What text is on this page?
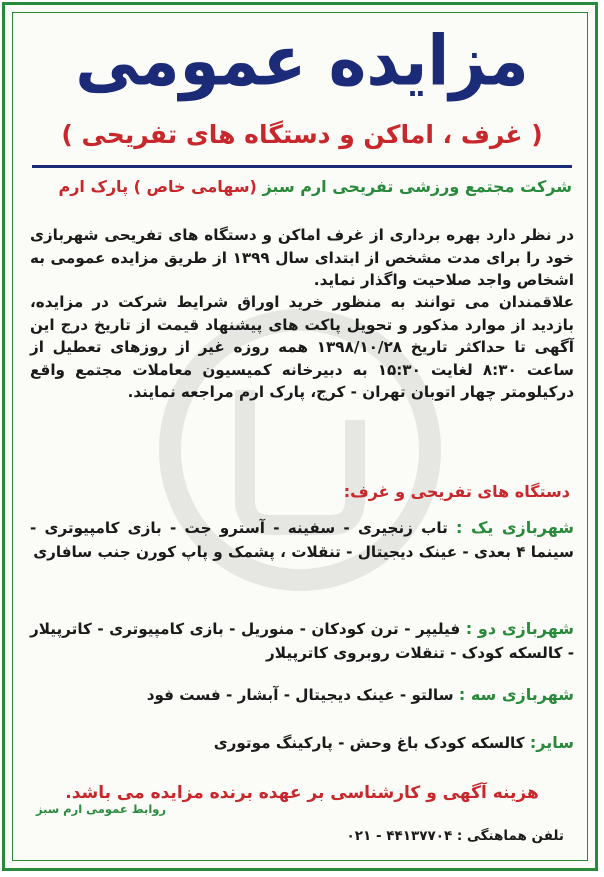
مزایده عمومی
( غرف ، اماکن و دستگاه های تفریحی )
شرکت مجتمع ورزشی تفریحی ارم سبز (سهامی خاص ) پارک ارم
در نظر دارد بهره برداری از غرف اماکن و دستگاه های تفریحی شهربازی خود را برای مدت مشخص از ابتدای سال ۱۳۹۹ از طریق مزایده عمومی به اشخاص واجد صلاحیت واگذار نماید.
علاقمندان می توانند به منظور خرید اوراق شرایط شرکت در مزایده، بازدید از موارد مذکور و تحویل پاکت های پیشنهاد قیمت از تاریخ درج این آگهی تا حداکثر تاریخ ۱۳۹۸/۱۰/۲۸ همه روزه غیر از روزهای تعطیل از ساعت ۸:۳۰ لغایت ۱۵:۳۰ به دبیرخانه کمیسیون معاملات مجتمع واقع درکیلومتر چهار اتوبان تهران - کرج، پارک ارم مراجعه نمایند.
دستگاه های تفریحی و غرف:
شهربازی یک : تاب زنجیری - سفینه - آسترو جت - بازی کامپیوتری - سینما ۴ بعدی - عینک دیجیتال - تنقلات ، پشمک و پاپ کورن جنب سافاری
شهربازی دو : فیلیپر - ترن کودکان - منوریل - بازی کامپیوتری - کاترپیلار - کالسکه کودک - تنقلات روبروی کاترپیلار
شهربازی سه : سالتو - عینک دیجیتال - آبشار - فست فود
سایر: کالسکه کودک باغ وحش - پارکینگ موتوری
هزینه آگهی و کارشناسی بر عهده برنده مزایده می باشد.
روابط عمومی ارم سبز
تلفن هماهنگی : ۴۴۱۳۷۷۰۴ - ۰۲۱
